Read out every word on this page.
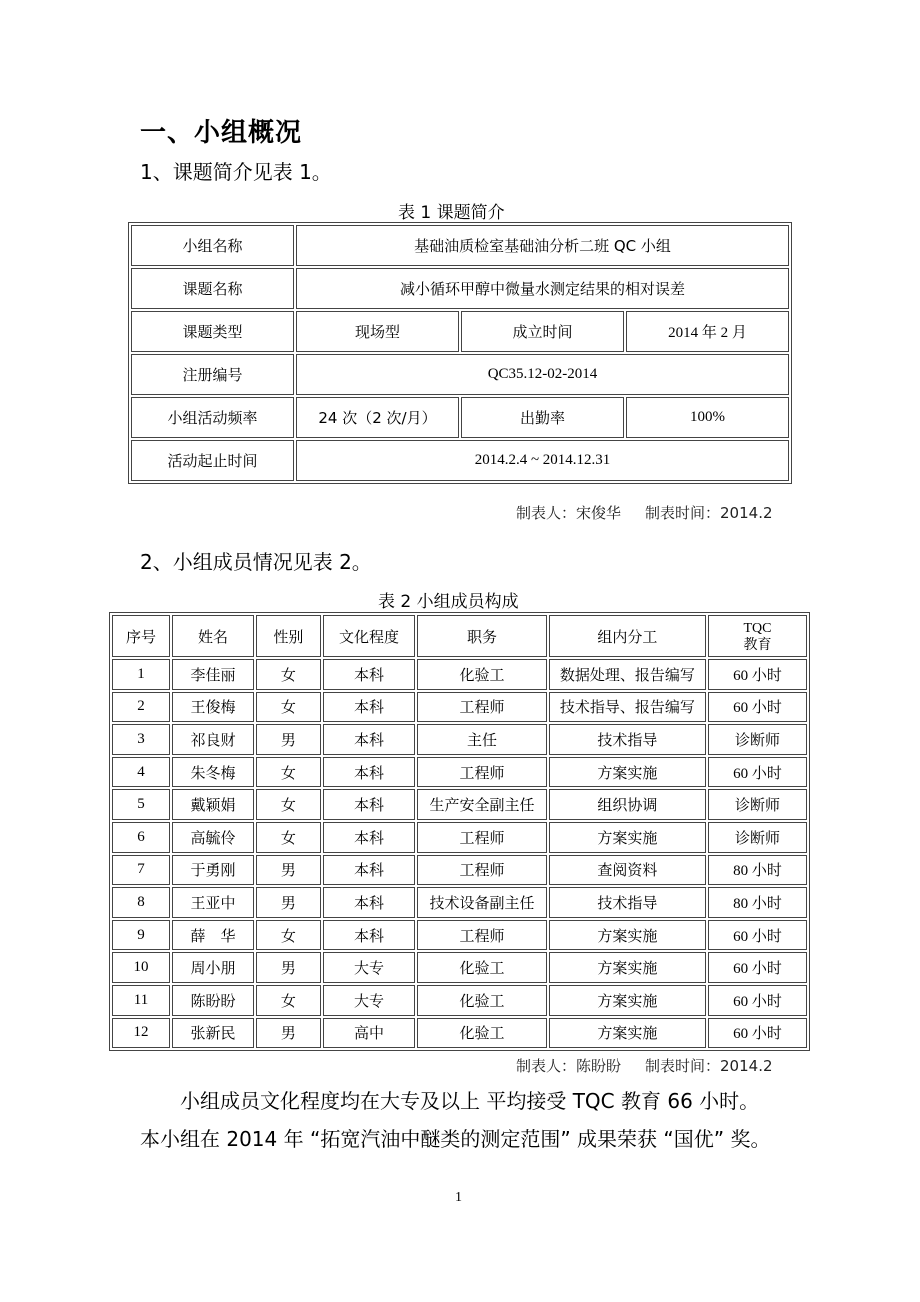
一、小组概况
1、课题简介见表 1。
表 1 课题简介
小组名称	基础油质检室基础油分析二班 QC 小组		
课题名称	减小循环甲醇中微量水测定结果的相对误差		
课题类型	现场型	成立时间	2014 年 2 月
注册编号	QC35.12-02-2014		
小组活动频率	24 次（2 次/月）	出勤率	100%
活动起止时间	2014.2.4 ~ 2014.12.31		
制表人：宋俊华 制表时间：2014.2
2、小组成员情况见表 2。
表 2 小组成员构成
序号	姓名	性别	文化程度	职务	组内分工	TQC
教育
1	李佳丽	女	本科	化验工	数据处理、报告编写	60 小时
2	王俊梅	女	本科	工程师	技术指导、报告编写	60 小时
3	祁良财	男	本科	主任	技术指导	诊断师
4	朱冬梅	女	本科	工程师	方案实施	60 小时
5	戴颖娟	女	本科	生产安全副主任	组织协调	诊断师
6	高毓伶	女	本科	工程师	方案实施	诊断师
7	于勇刚	男	本科	工程师	查阅资料	80 小时
8	王亚中	男	本科	技术设备副主任	技术指导	80 小时
9	薛　华	女	本科	工程师	方案实施	60 小时
10	周小朋	男	大专	化验工	方案实施	60 小时
11	陈盼盼	女	大专	化验工	方案实施	60 小时
12	张新民	男	高中	化验工	方案实施	60 小时
制表人：陈盼盼 制表时间：2014.2
小组成员文化程度均在大专及以上 平均接受 TQC 教育 66 小时。
本小组在 2014 年 “拓宽汽油中醚类的测定范围” 成果荣获 “国优” 奖。
1
